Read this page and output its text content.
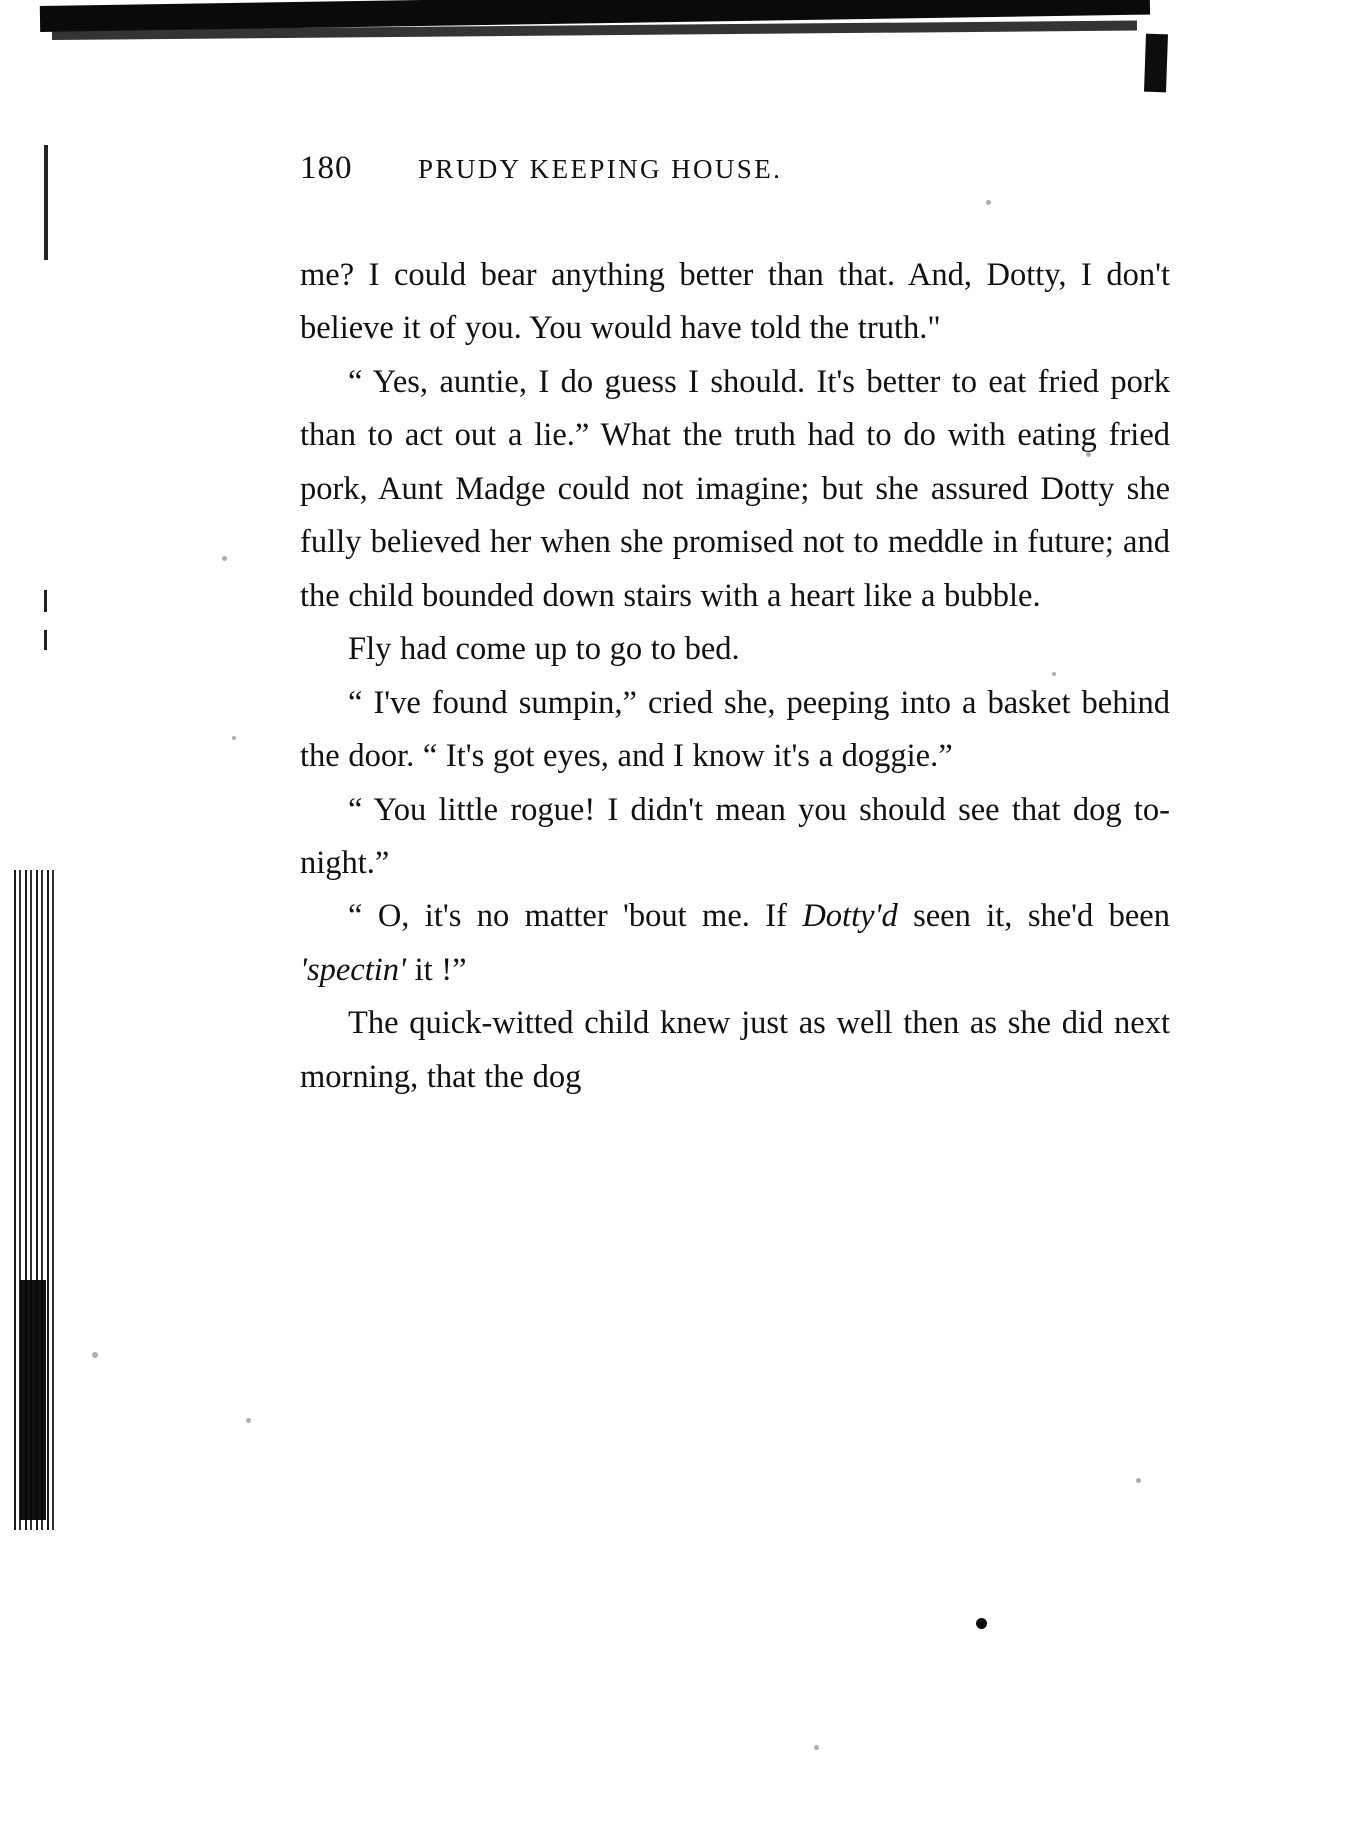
180	PRUDY KEEPING HOUSE.

me? I could bear anything better than that. And, Dotty, I don't believe it of you. You would have told the truth."

“ Yes, auntie, I do guess I should. It's better to eat fried pork than to act out a lie.” What the truth had to do with eating fried pork, Aunt Madge could not imagine; but she assured Dotty she fully believed her when she promised not to meddle in future; and the child bounded down stairs with a heart like a bubble.

Fly had come up to go to bed.

“ I've found sumpin,” cried she, peeping into a basket behind the door. “ It's got eyes, and I know it's a doggie.”

“ You little rogue! I didn't mean you should see that dog to-night.”

“ O, it's no matter 'bout me. If Dotty'd seen it, she'd been 'spectin' it !”

The quick-witted child knew just as well then as she did next morning, that the dog
